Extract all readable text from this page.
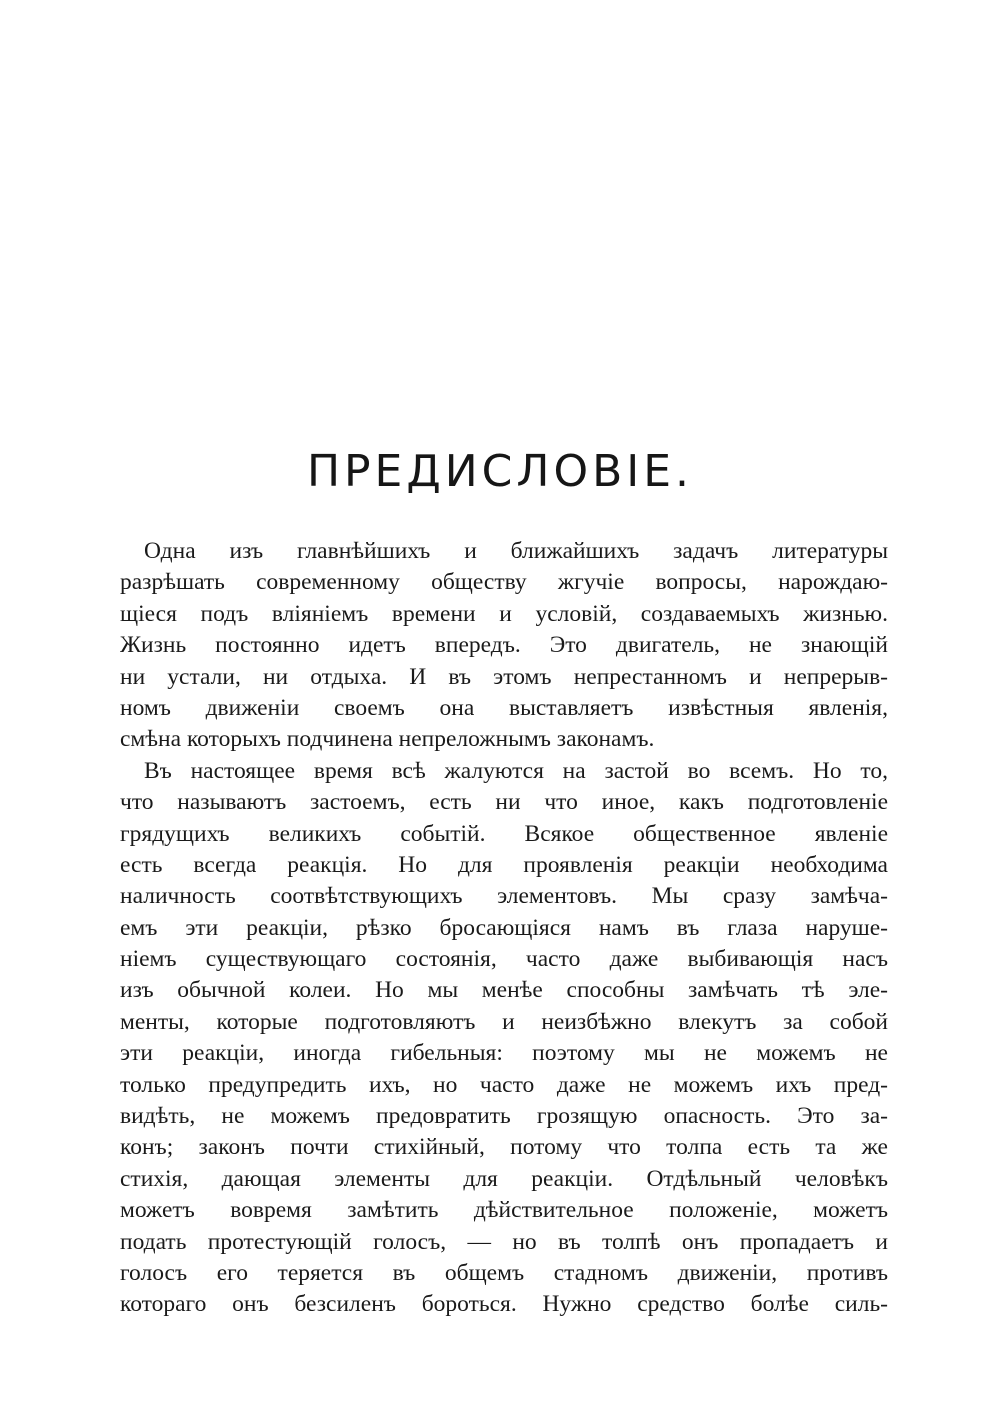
ПРЕДИСЛОВІЕ.
Одна изъ главнѣйшихъ и ближайшихъ задачъ литературы
разрѣшать современному обществу жгучіе вопросы, нарождаю-
щіеся подъ вліяніемъ времени и условій, создаваемыхъ жизнью.
Жизнь постоянно идетъ впередъ. Это двигатель, не знающій
ни устали, ни отдыха. И въ этомъ непрестанномъ и непрерыв-
номъ движеніи своемъ она выставляетъ извѣстныя явленія,
смѣна которыхъ подчинена непреложнымъ законамъ.
Въ настоящее время всѣ жалуются на застой во всемъ. Но то,
что называютъ застоемъ, есть ни что иное, какъ подготовленіе
грядущихъ великихъ событій. Всякое общественное явленіе
есть всегда реакція. Но для проявленія реакціи необходима
наличность соотвѣтствующихъ элементовъ. Мы сразу замѣча-
емъ эти реакціи, рѣзко бросающіяся намъ въ глаза наруше-
ніемъ существующаго состоянія, часто даже выбивающія насъ
изъ обычной колеи. Но мы менѣе способны замѣчать тѣ эле-
менты, которые подготовляютъ и неизбѣжно влекутъ за собой
эти реакціи, иногда гибельныя: поэтому мы не можемъ не
только предупредить ихъ, но часто даже не можемъ ихъ пред-
видѣть, не можемъ предовратить грозящую опасность. Это за-
конъ; законъ почти стихійный, потому что толпа есть та же
стихія, дающая элементы для реакціи. Отдѣльный человѣкъ
можетъ вовремя замѣтить дѣйствительное положеніе, можетъ
подать протестующій голосъ, — но въ толпѣ онъ пропадаетъ и
голосъ его теряется въ общемъ стадномъ движеніи, противъ
котораго онъ безсиленъ бороться. Нужно средство болѣе силь-
